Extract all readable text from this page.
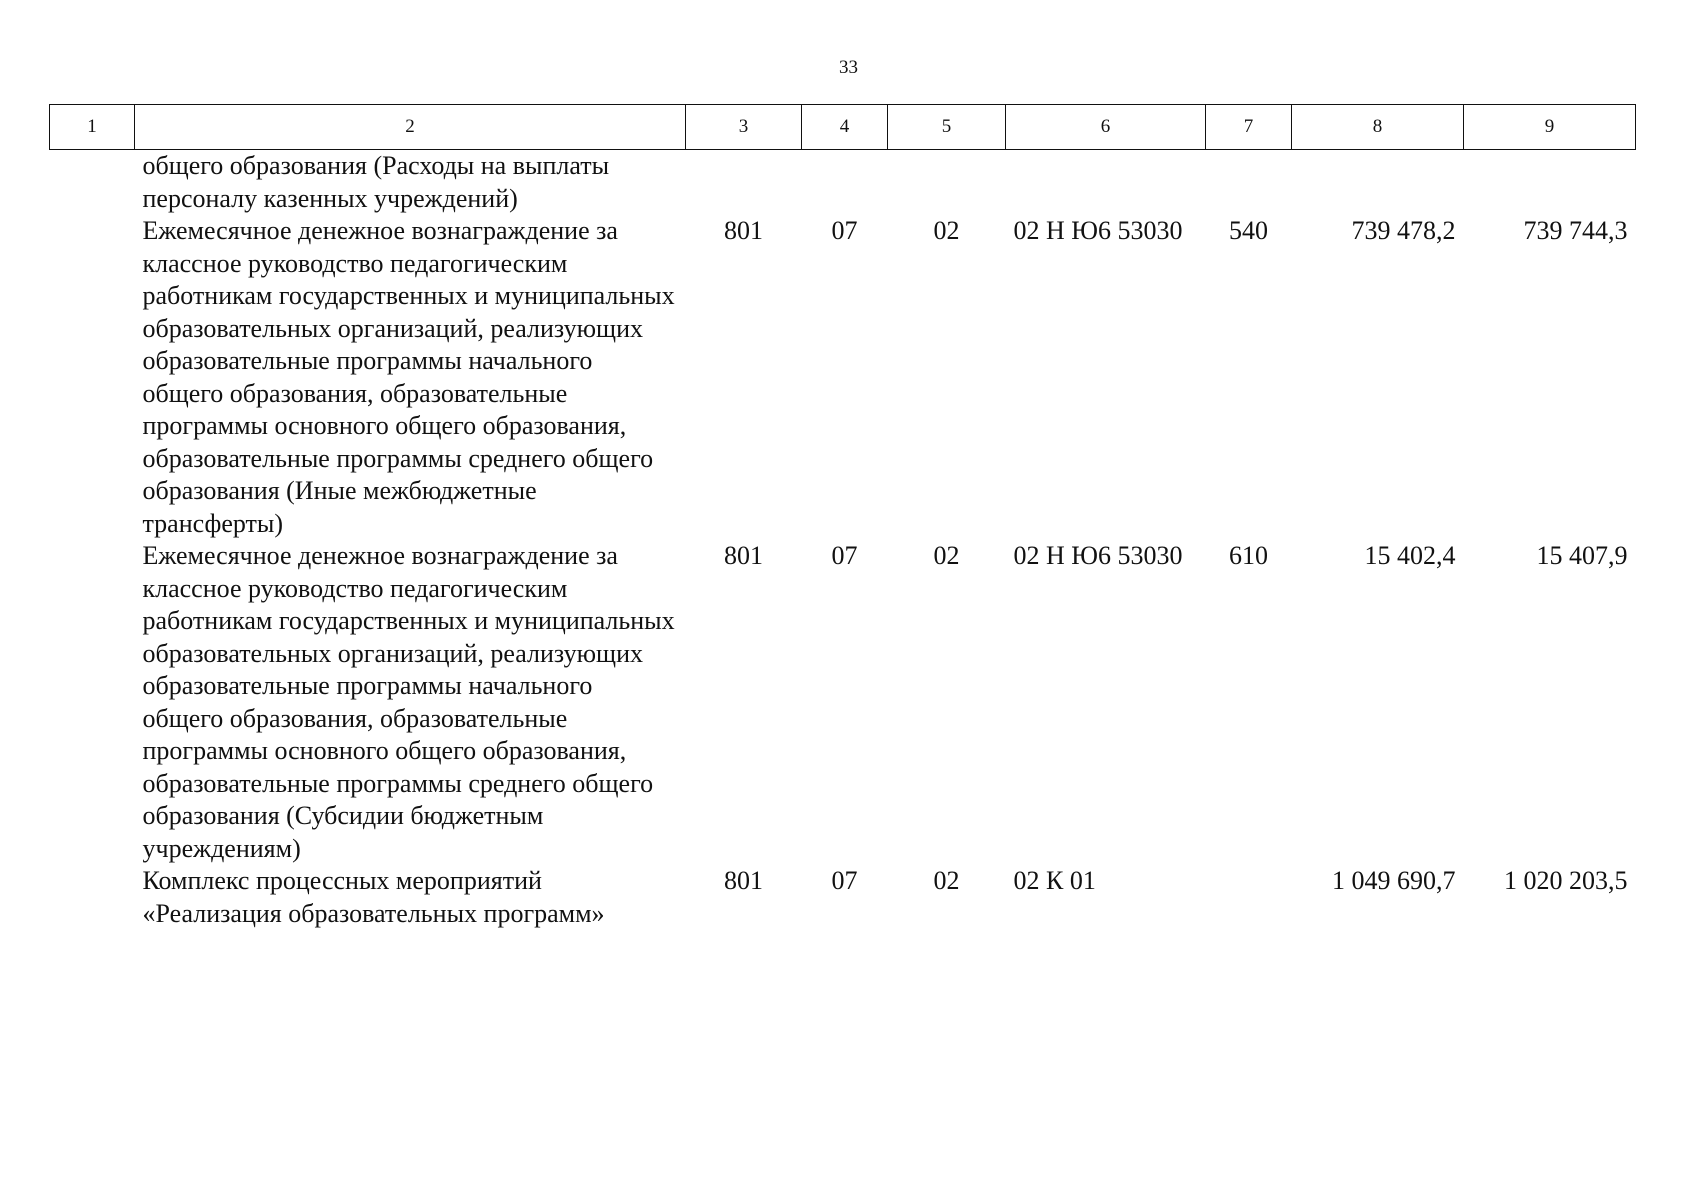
33
1	2	3	4	5	6	7	8	9
	общего образования (Расходы на выплаты персоналу казенных учреждений)							
	Ежемесячное денежное вознаграждение за классное руководство педагогическим работникам государственных и муниципальных образовательных организаций, реализующих образовательные программы начального общего образования, образовательные программы основного общего образования, образовательные программы среднего общего образования (Иные межбюджетные трансферты)	801	07	02	02 Н Ю6 53030	540	739 478,2	739 744,3
	Ежемесячное денежное вознаграждение за классное руководство педагогическим работникам государственных и муниципальных образовательных организаций, реализующих образовательные программы начального общего образования, образовательные программы основного общего образования, образовательные программы среднего общего образования (Субсидии бюджетным учреждениям)	801	07	02	02 Н Ю6 53030	610	15 402,4	15 407,9
	Комплекс процессных мероприятий «Реализация образовательных программ»	801	07	02	02 К 01		1 049 690,7	1 020 203,5
